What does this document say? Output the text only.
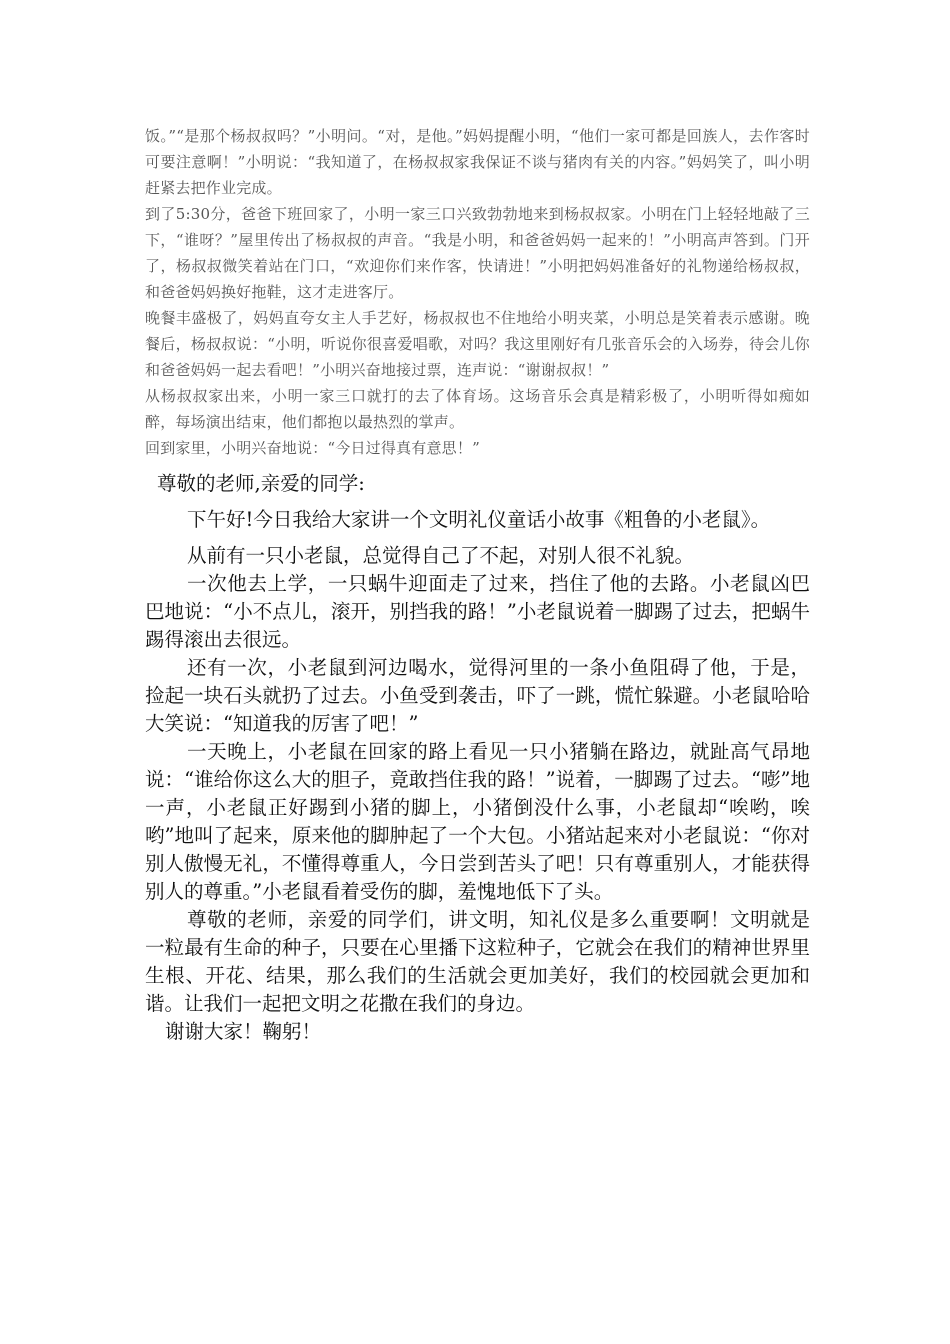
饭。”“是那个杨叔叔吗？”小明问。“对，是他。”妈妈提醒小明，“他们一家可都是回族人，去作客时可要注意啊！”小明说：“我知道了，在杨叔叔家我保证不谈与猪肉有关的内容。”妈妈笑了，叫小明赶紧去把作业完成。

到了5:30分，爸爸下班回家了，小明一家三口兴致勃勃地来到杨叔叔家。小明在门上轻轻地敲了三下，“谁呀？”屋里传出了杨叔叔的声音。“我是小明，和爸爸妈妈一起来的！”小明高声答到。门开了，杨叔叔微笑着站在门口，“欢迎你们来作客，快请进！”小明把妈妈准备好的礼物递给杨叔叔，和爸爸妈妈换好拖鞋，这才走进客厅。

晚餐丰盛极了，妈妈直夸女主人手艺好，杨叔叔也不住地给小明夹菜，小明总是笑着表示感谢。晚餐后，杨叔叔说：“小明，听说你很喜爱唱歌，对吗？我这里刚好有几张音乐会的入场券，待会儿你和爸爸妈妈一起去看吧！”小明兴奋地接过票，连声说：“谢谢叔叔！”

从杨叔叔家出来，小明一家三口就打的去了体育场。这场音乐会真是精彩极了，小明听得如痴如醉，每场演出结束，他们都抱以最热烈的掌声。

回到家里，小明兴奋地说：“今日过得真有意思！”

尊敬的老师,亲爱的同学:

下午好!今日我给大家讲一个文明礼仪童话小故事《粗鲁的小老鼠》。

从前有一只小老鼠，总觉得自己了不起，对别人很不礼貌。

一次他去上学，一只蜗牛迎面走了过来，挡住了他的去路。小老鼠凶巴巴地说：“小不点儿，滚开，别挡我的路！”小老鼠说着一脚踢了过去，把蜗牛踢得滚出去很远。

还有一次，小老鼠到河边喝水，觉得河里的一条小鱼阻碍了他，于是，捡起一块石头就扔了过去。小鱼受到袭击，吓了一跳，慌忙躲避。小老鼠哈哈大笑说：“知道我的厉害了吧！”

一天晚上，小老鼠在回家的路上看见一只小猪躺在路边，就趾高气昂地说：“谁给你这么大的胆子，竟敢挡住我的路！”说着，一脚踢了过去。“嘭”地一声，小老鼠正好踢到小猪的脚上，小猪倒没什么事，小老鼠却“唉哟，唉哟”地叫了起来，原来他的脚肿起了一个大包。小猪站起来对小老鼠说：“你对别人傲慢无礼，不懂得尊重人，今日尝到苦头了吧！只有尊重别人，才能获得别人的尊重。”小老鼠看着受伤的脚，羞愧地低下了头。

尊敬的老师，亲爱的同学们，讲文明，知礼仪是多么重要啊！文明就是一粒最有生命的种子，只要在心里播下这粒种子，它就会在我们的精神世界里生根、开花、结果，那么我们的生活就会更加美好，我们的校园就会更加和谐。让我们一起把文明之花撒在我们的身边。

谢谢大家！鞠躬！
